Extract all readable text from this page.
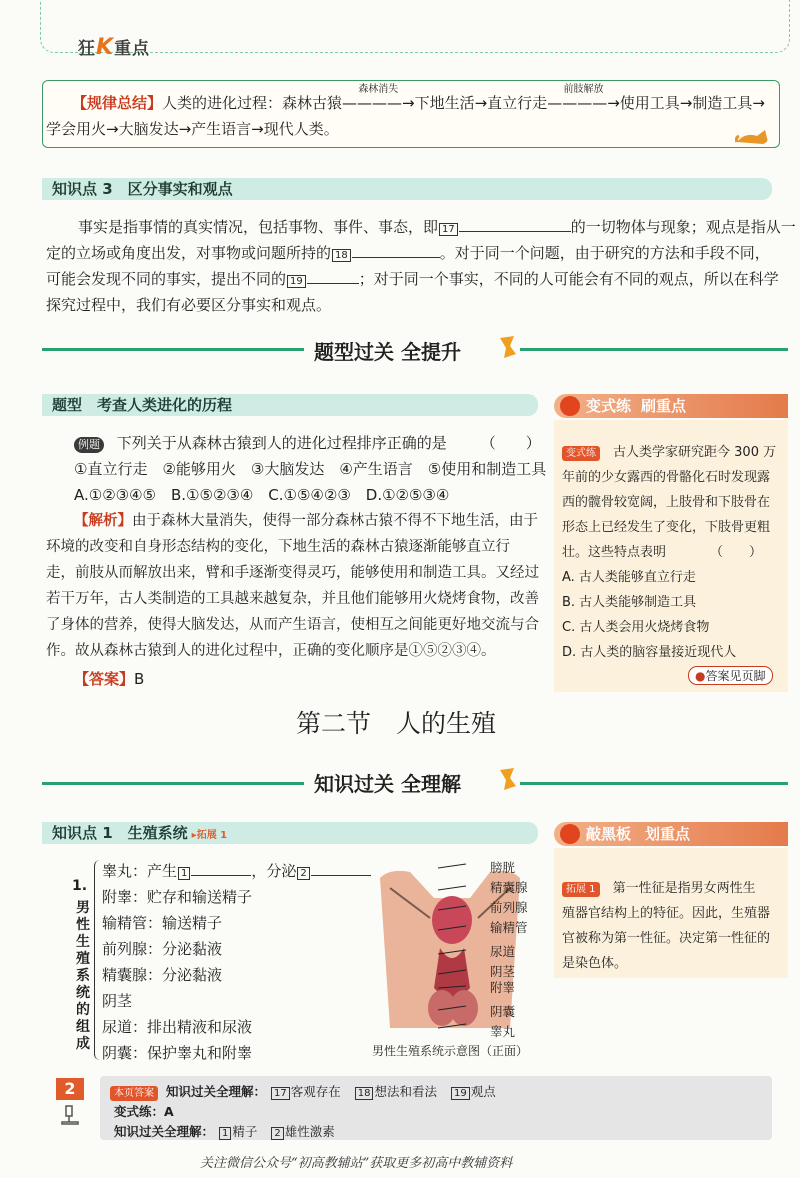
狂K重点
【规律总结】人类的进化过程：森林古猿
森林消失
————→下地生活→直立行走
前肢解放
————→使用工具→制造工具→
学会用火→大脑发达→产生语言→现代人类。
知识点 3　区分事实和观点
事实是指事情的真实情况，包括事物、事件、事态，即 17	的一切物体与现象；观点是指从一
定的立场或角度出发，对事物或问题所持的 18	。对于同一个问题，由于研究的方法和手段不同，
可能会发现不同的事实，提出不同的 19	；对于同一个事实，不同的人可能会有不同的观点，所以在科学
探究过程中，我们有必要区分事实和观点。
题型过关 全提升
题型　考查人类进化的历程
例题 下列关于从森林古猿到人的进化过程排序正确的是 （　　）
①直立行走　②能够用火　③大脑发达　④产生语言　⑤使用和制造工具
A.①②③④⑤　B.①⑤②③④　C.①⑤④②③　D.①②⑤③④
【解析】由于森林大量消失，使得一部分森林古猿不得不下地生活，由于
环境的改变和自身形态结构的变化，下地生活的森林古猿逐渐能够直立行
走，前肢从而解放出来，臂和手逐渐变得灵巧，能够使用和制造工具。又经过
若干万年，古人类制造的工具越来越复杂，并且他们能够用火烧烤食物，改善
了身体的营养，使得大脑发达，从而产生语言，使相互之间能更好地交流与合
作。故从森林古猿到人的进化过程中，正确的变化顺序是①⑤②③④。
【答案】B
变式练 刷重点
变式练　 古人类学家研究距今 300 万
年前的少女露西的骨骼化石时发现露
西的髋骨较宽阔，上肢骨和下肢骨在
形态上已经发生了变化，下肢骨更粗
壮。这些特点表明	（　　）
A. 古人类能够直立行走
B. 古人类能够制造工具
C. 古人类会用火烧烤食物
D. 古人类的脑容量接近现代人
●答案见页脚
第二节　人的生殖
知识过关 全理解
知识点 1　生殖系统 ▸拓展 1
1.
男
性
生
殖
系
统
的
组
成
睾丸：产生 1	，分泌 2
附睾：贮存和输送精子
输精管：输送精子
前列腺：分泌黏液
精囊腺：分泌黏液
阴茎
尿道：排出精液和尿液
阴囊：保护睾丸和附睾
膀胱
精囊腺
前列腺
输精管
尿道
阴茎
附睾
阴囊
睾丸
男性生殖系统示意图（正面）
敲黑板 划重点
拓展 1　 第一性征是指男女两性生
殖器官结构上的特征。因此，生殖器
官被称为第一性征。决定第一性征的
是染色体。
2	本页答案 知识过关全理解： 17 客观存在 18 想法和看法 19 观点
变式练：A
知识过关全理解： 1 精子 2 雄性激素
关注微信公众号“初高教辅站”获取更多初高中教辅资料
